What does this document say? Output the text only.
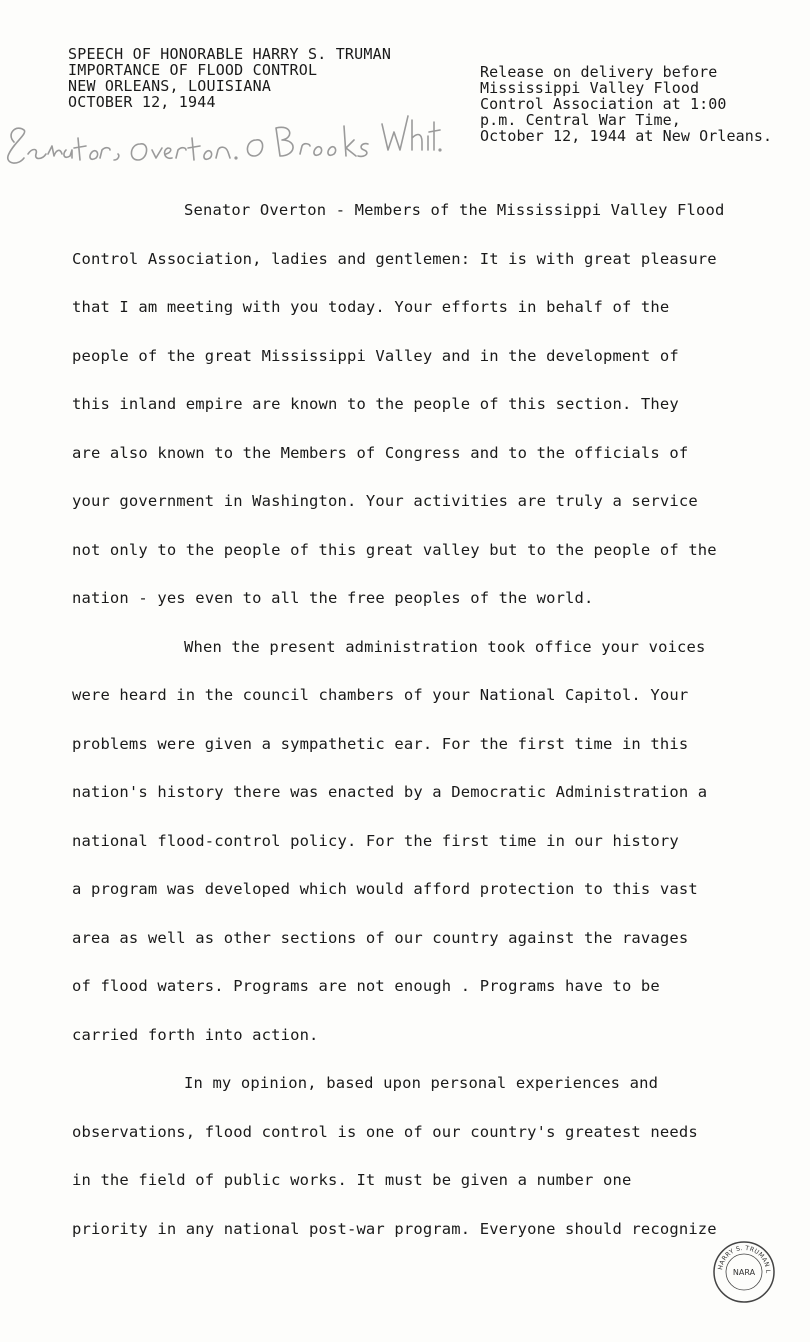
SPEECH OF HONORABLE HARRY S. TRUMAN
IMPORTANCE OF FLOOD CONTROL
NEW ORLEANS, LOUISIANA
OCTOBER 12, 1944
Release on delivery before
Mississippi Valley Flood
Control Association at 1:00
p.m. Central War Time,
October 12, 1944 at New Orleans.

Senator Overton - Members of the Mississippi Valley Flood
Control Association, ladies and gentlemen: It is with great pleasure
that I am meeting with you today. Your efforts in behalf of the
people of the great Mississippi Valley and in the development of
this inland empire are known to the people of this section. They
are also known to the Members of Congress and to the officials of
your government in Washington. Your activities are truly a service
not only to the people of this great valley but to the people of the
nation - yes even to all the free peoples of the world.

When the present administration took office your voices
were heard in the council chambers of your National Capitol. Your
problems were given a sympathetic ear. For the first time in this
nation's history there was enacted by a Democratic Administration a
national flood-control policy. For the first time in our history
a program was developed which would afford protection to this vast
area as well as other sections of our country against the ravages
of flood waters. Programs are not enough . Programs have to be
carried forth into action.

In my opinion, based upon personal experiences and
observations, flood control is one of our country's greatest needs
in the field of public works. It must be given a number one
priority in any national post-war program. Everyone should recognize

HARRY S. TRUMAN L
NARA
